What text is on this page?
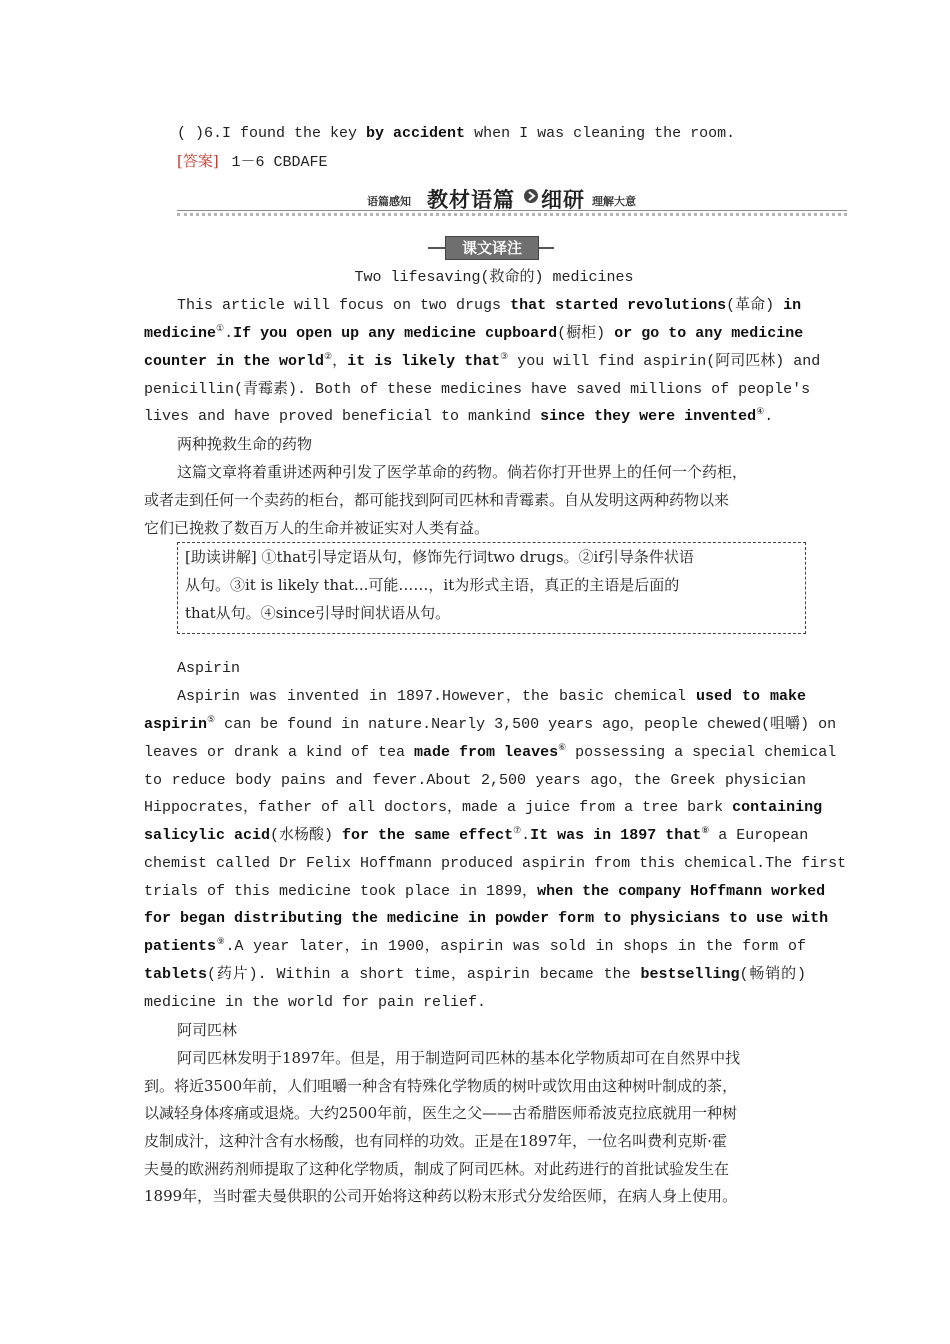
( )6.I found the key by accident when I was cleaning the room.
[答案] 1－6 CBDAFE
语篇感知 教材语篇 细研 理解大意
课文译注
Two lifesaving(救命的) medicines
This article will focus on two drugs that started revolutions(革命) in
medicine①.If you open up any medicine cupboard(橱柜) or go to any medicine
counter in the world②，it is likely that③ you will find aspirin(阿司匹林) and
penicillin(青霉素). Both of these medicines have saved millions of people's
lives and have proved beneficial to mankind since they were invented④.
两种挽救生命的药物
这篇文章将着重讲述两种引发了医学革命的药物。倘若你打开世界上的任何一个药柜，
或者走到任何一个卖药的柜台，都可能找到阿司匹林和青霉素。自从发明这两种药物以来
它们已挽救了数百万人的生命并被证实对人类有益。
[助读讲解] ①that引导定语从句，修饰先行词two drugs。②if引导条件状语
从句。③it is likely that...可能……，it为形式主语，真正的主语是后面的
that从句。④since引导时间状语从句。
Aspirin
Aspirin was invented in 1897.However，the basic chemical used to make
aspirin⑤ can be found in nature.Nearly 3,500 years ago，people chewed(咀嚼) on
leaves or drank a kind of tea made from leaves⑥ possessing a special chemical
to reduce body pains and fever.About 2,500 years ago，the Greek physician
Hippocrates，father of all doctors，made a juice from a tree bark containing
salicylic acid(水杨酸) for the same effect⑦.It was in 1897 that⑧ a European
chemist called Dr Felix Hoffmann produced aspirin from this chemical.The first
trials of this medicine took place in 1899，when the company Hoffmann worked
for began distributing the medicine in powder form to physicians to use with
patients⑨.A year later，in 1900，aspirin was sold in shops in the form of
tablets(药片). Within a short time，aspirin became the bestselling(畅销的)
medicine in the world for pain relief.
阿司匹林
阿司匹林发明于1897年。但是，用于制造阿司匹林的基本化学物质却可在自然界中找
到。将近3500年前，人们咀嚼一种含有特殊化学物质的树叶或饮用由这种树叶制成的茶，
以减轻身体疼痛或退烧。大约2500年前，医生之父——古希腊医师希波克拉底就用一种树
皮制成汁，这种汁含有水杨酸，也有同样的功效。正是在1897年，一位名叫费利克斯·霍
夫曼的欧洲药剂师提取了这种化学物质，制成了阿司匹林。对此药进行的首批试验发生在
1899年，当时霍夫曼供职的公司开始将这种药以粉末形式分发给医师，在病人身上使用。
